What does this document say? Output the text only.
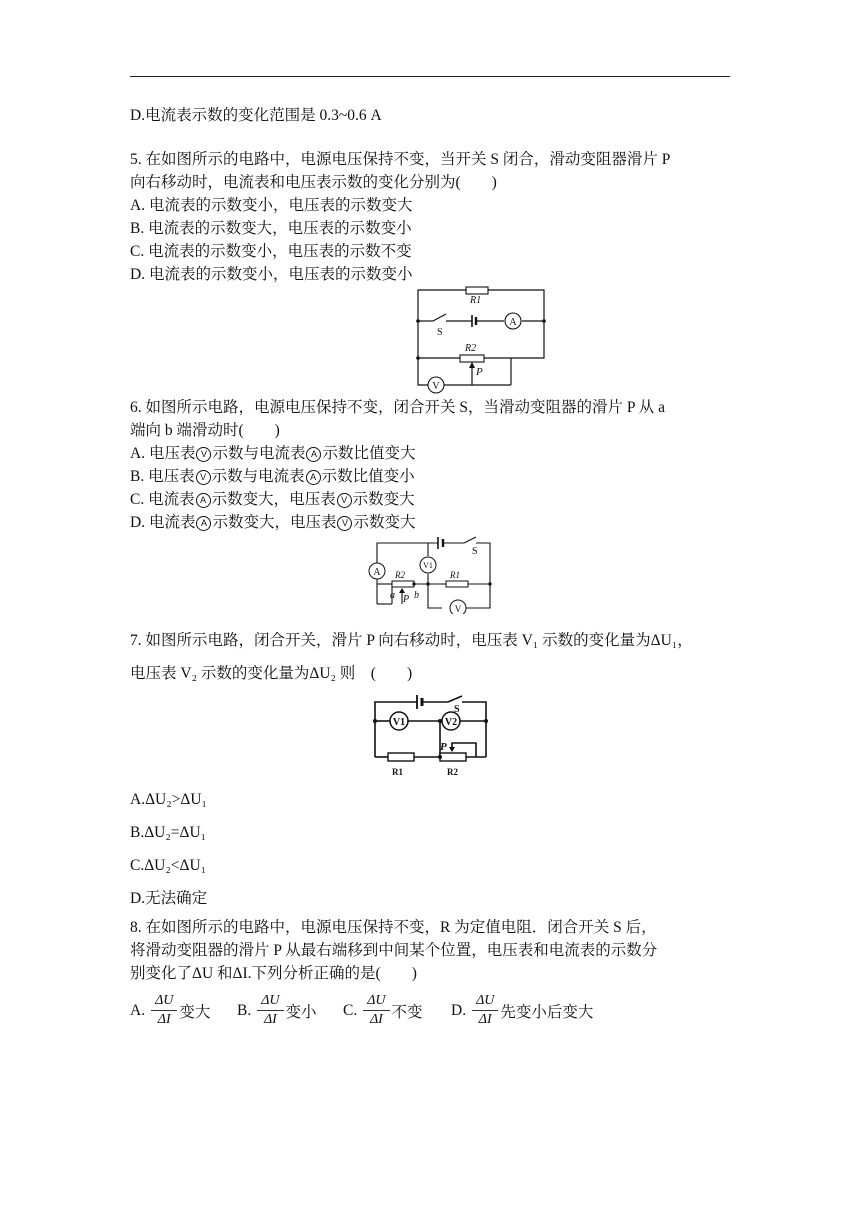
D.电流表示数的变化范围是 0.3~0.6 A
5. 在如图所示的电路中，电源电压保持不变，当开关 S 闭合，滑动变阻器滑片 P
向右移动时，电流表和电压表示数的变化分别为(　　)
A. 电流表的示数变小，电压表的示数变大
B. 电流表的示数变大，电压表的示数变小
C. 电流表的示数变小，电压表的示数不变
D. 电流表的示数变小，电压表的示数变小
A
V
R1
S
R2
P
6. 如图所示电路，电源电压保持不变，闭合开关 S，当滑动变阻器的滑片 P 从 a
端向 b 端滑动时(　　)
A. 电压表 V 示数与电流表 A 示数比值变大
B. 电压表 V 示数与电流表 A 示数比值变小
C. 电流表 A 示数变大，电压表 V 示数变大
D. 电流表 A 示数变大，电压表 V 示数变大
A
V1
V
S
R2	R1
a b
P
7. 如图所示电路，闭合开关，滑片 P 向右移动时，电压表 V₁ 示数的变化量为ΔU₁，
电压表 V₂ 示数的变化量为ΔU₂ 则　(　　)
V1	V2
S
P
R1	R2
A.ΔU₂>ΔU₁
B.ΔU₂=ΔU₁
C.ΔU₂<ΔU₁
D.无法确定
8. 在如图所示的电路中，电源电压保持不变，R 为定值电阻．闭合开关 S 后，
将滑动变阻器的滑片 P 从最右端移到中间某个位置，电压表和电流表的示数分
别变化了ΔU 和ΔI.下列分析正确的是(　　)
A. $\frac{\Delta U}{\Delta I}$ 变大 B. $\frac{\Delta U}{\Delta I}$ 变小 C. $\frac{\Delta U}{\Delta I}$ 不变 D. $\frac{\Delta U}{\Delta I}$ 先变小后变大
